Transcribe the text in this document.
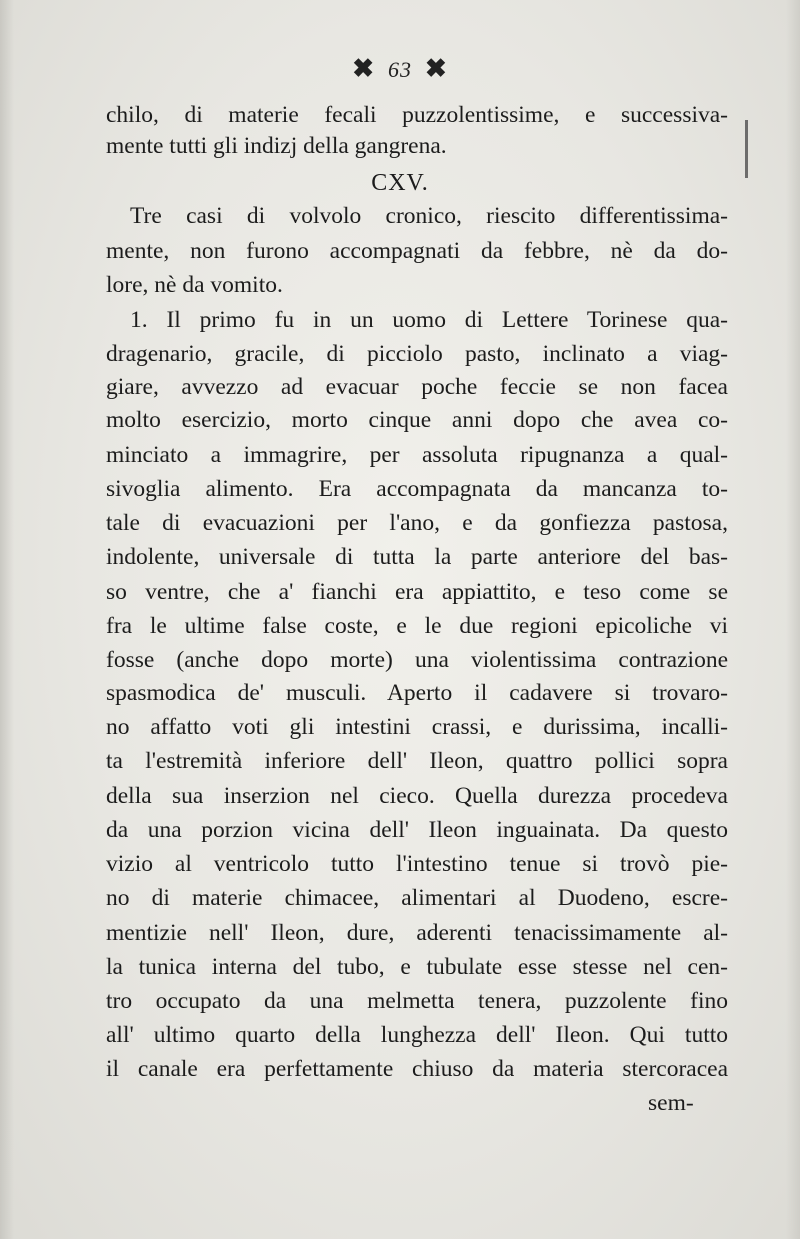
✖ 63 ✖
chilo, di materie fecali puzzolentissime, e successiva-
mente tutti gli indizj della gangrena.
CXV.
Tre casi di volvolo cronico, riescito differentissima-
mente, non furono accompagnati da febbre, nè da do-
lore, nè da vomito.
1. Il primo fu in un uomo di Lettere Torinese qua-
dragenario, gracile, di picciolo pasto, inclinato a viag-
giare, avvezzo ad evacuar poche feccie se non facea
molto esercizio, morto cinque anni dopo che avea co-
minciato a immagrire, per assoluta ripugnanza a qual-
sivoglia alimento. Era accompagnata da mancanza to-
tale di evacuazioni per l'ano, e da gonfiezza pastosa,
indolente, universale di tutta la parte anteriore del bas-
so ventre, che a' fianchi era appiattito, e teso come se
fra le ultime false coste, e le due regioni epicoliche vi
fosse (anche dopo morte) una violentissima contrazione
spasmodica de' musculi. Aperto il cadavere si trovaro-
no affatto voti gli intestini crassi, e durissima, incalli-
ta l'estremità inferiore dell' Ileon, quattro pollici sopra
della sua inserzion nel cieco. Quella durezza procedeva
da una porzion vicina dell' Ileon inguainata. Da questo
vizio al ventricolo tutto l'intestino tenue si trovò pie-
no di materie chimacee, alimentari al Duodeno, escre-
mentizie nell' Ileon, dure, aderenti tenacissimamente al-
la tunica interna del tubo, e tubulate esse stesse nel cen-
tro occupato da una melmetta tenera, puzzolente fino
all' ultimo quarto della lunghezza dell' Ileon. Qui tutto
il canale era perfettamente chiuso da materia stercoracea
sem-
